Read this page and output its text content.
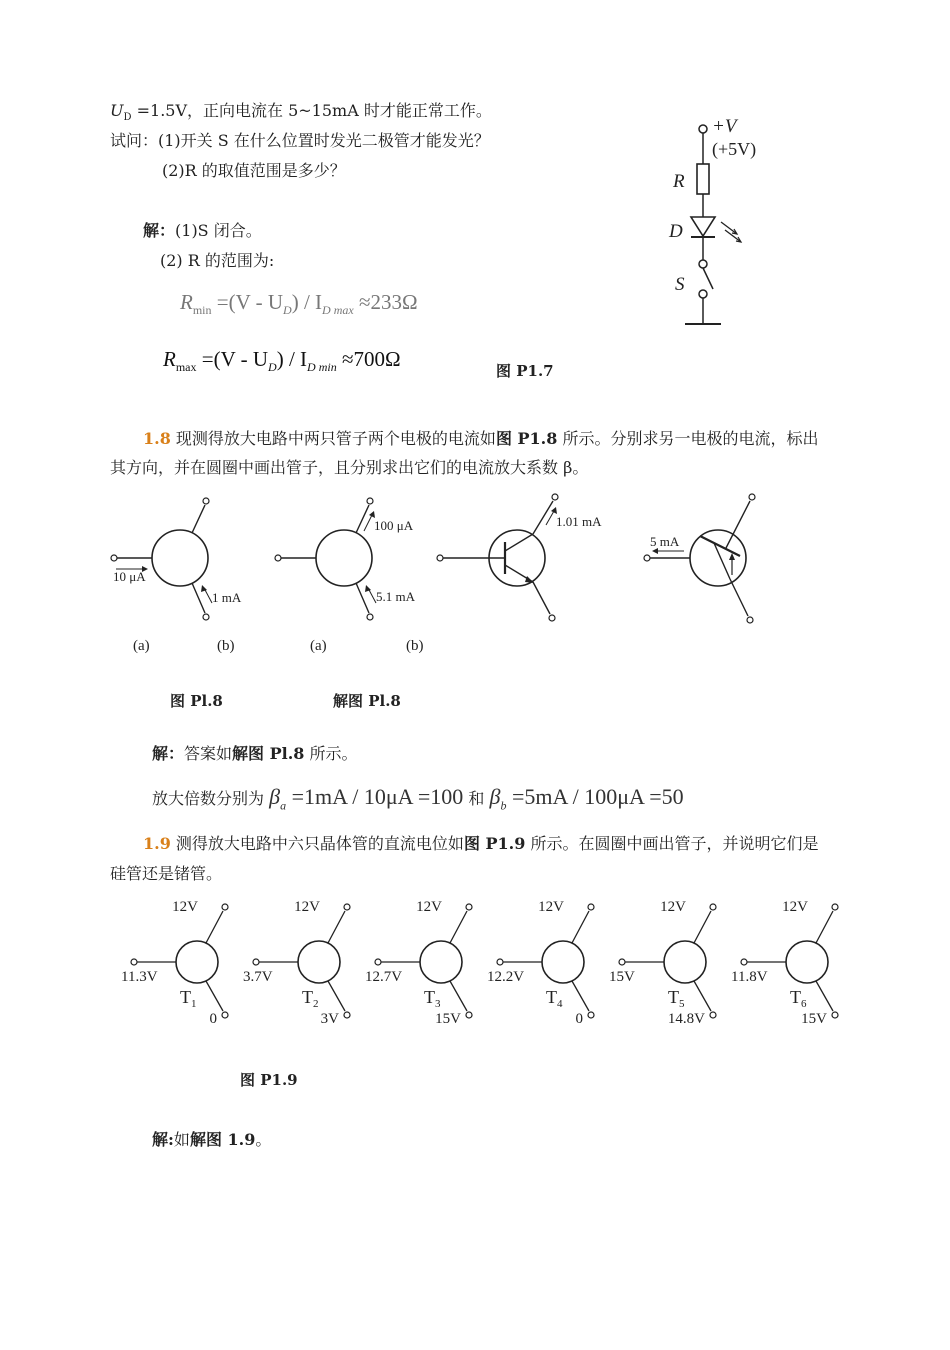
$U_D =1.5V$，正向电流在 5~15mA 时才能正常工作。
试问：(1)开关 S 在什么位置时发光二极管才能发光？
(2)R 的取值范围是多少？
解：(1)S 闭合。
(2) R 的范围为:
$R_{min} =(V - U_D) / I_{D max} \approx 233\Omega$
$R_{max} =(V - U_D) / I_{D min} \approx 700\Omega$	图 P1.7
+V
(+5V)
R
D
S
1.8 现测得放大电路中两只管子两个电极的电流如图 P1.8 所示。分别求另一电极的电流，标出
其方向，并在圆圈中画出管子，且分别求出它们的电流放大系数 β。
10 μA
1 mA
100 μA
5.1 mA
1.01 mA
5 mA
(a)	(b)	(a)	(b)
图 Pl.8	解图 Pl.8
解：答案如解图 Pl.8 所示。
放大倍数分别为 $\beta_a =1mA / 10\mu A =100$ 和 $\beta_b =5mA / 100\mu A =50$
1.9 测得放大电路中六只晶体管的直流电位如图 P1.9 所示。在圆圈中画出管子，并说明它们是
硅管还是锗管。
12V
11.3V
0
$T_1$
12V
3.7V
3V
$T_2$
12V
12.7V
15V
$T_3$
12V
12.2V
0
$T_4$
12V
15V
14.8V
$T_5$
12V
11.8V
15V
$T_6$
图 P1.9
解:如解图 1.9。
